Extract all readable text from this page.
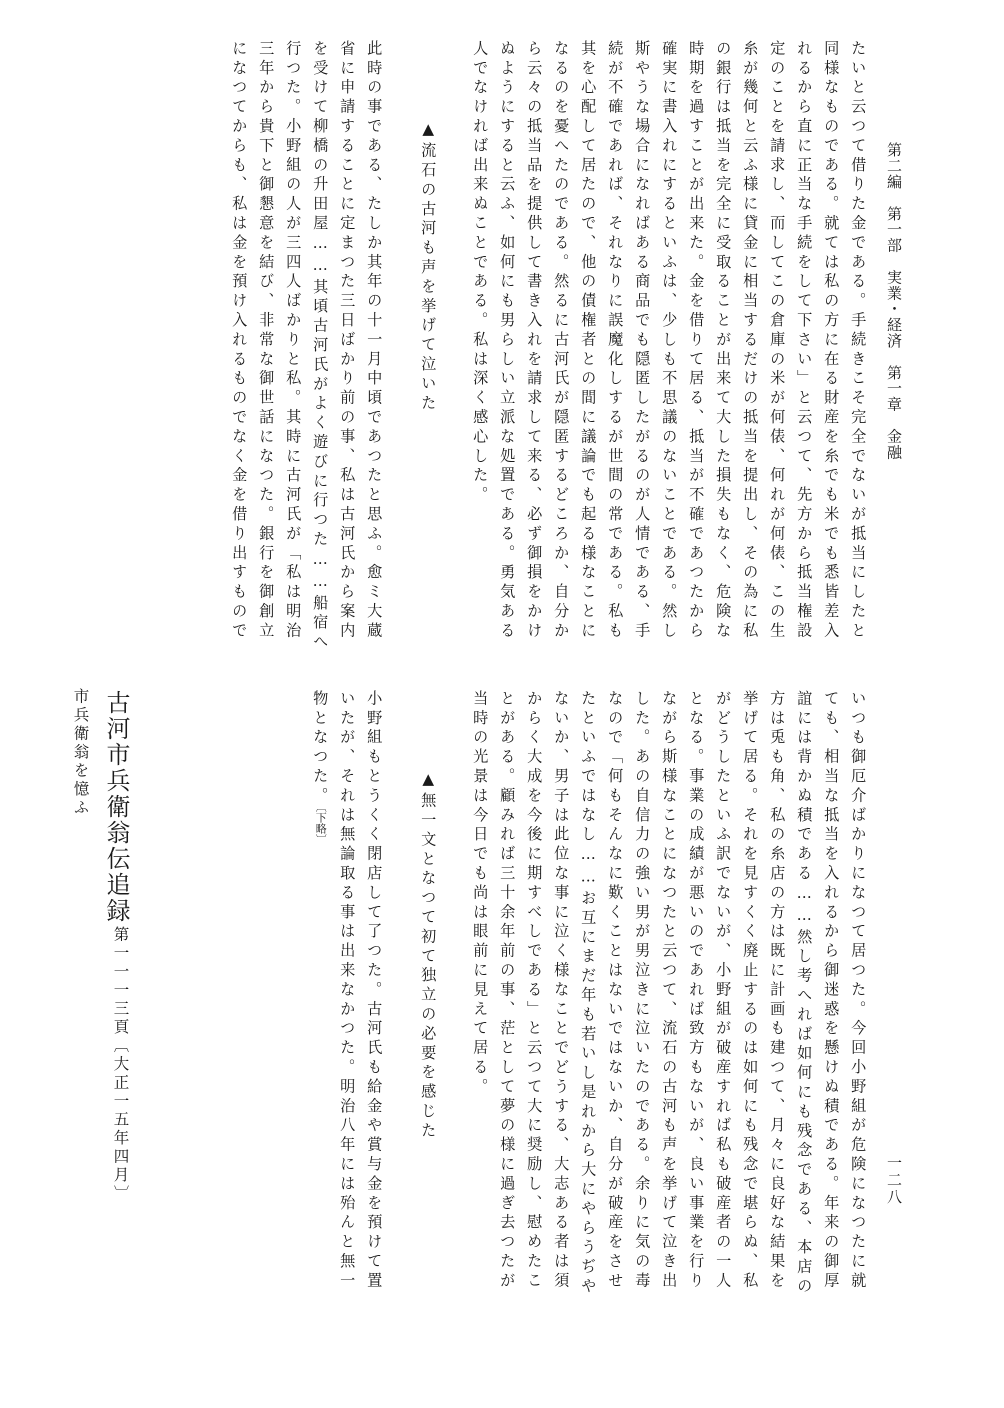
第二編　第一部　実業・経済　第一章　金融

一二八

たいと云つて借りた金である。手続きこそ完全でないが抵当にしたと

同様なものである。就ては私の方に在る財産を糸でも米でも悉皆差入

れるから直に正当な手続をして下さい」と云つて、先方から抵当権設

定のことを請求し、而してこの倉庫の米が何俵、何れが何俵、この生

糸が幾何と云ふ様に貸金に相当するだけの抵当を提出し、その為に私

の銀行は抵当を完全に受取ることが出来て大した損失もなく、危険な

時期を過すことが出来た。金を借りて居る、抵当が不確であつたから

確実に書入れにするといふは、少しも不思議のないことである。然し

斯やうな場合になればある商品でも隠匿したがるのが人情である、手

続が不確であれば、それなりに誤魔化しするが世間の常である。私も

其を心配して居たので、他の債権者との間に議論でも起る様なことに

なるのを憂へたのである。然るに古河氏が隠匿するどころか、自分か

ら云々の抵当品を提供して書き入れを請求して来る、必ず御損をかけ

ぬようにすると云ふ、如何にも男らしい立派な処置である。勇気ある

人でなければ出来ぬことである。私は深く感心した。

▲流石の古河も声を挙げて泣いた

此時の事である、たしか其年の十一月中頃であつたと思ふ。愈ミ大蔵

省に申請することに定まつた三日ばかり前の事、私は古河氏から案内

を受けて柳橋の升田屋……其頃古河氏がよく遊びに行つた……船宿へ

行つた。小野組の人が三四人ばかりと私。其時に古河氏が「私は明治

三年から貴下と御懇意を結び、非常な御世話になつた。銀行を御創立

になつてからも、私は金を預け入れるものでなく金を借り出すもので

いつも御厄介ばかりになつて居つた。今回小野組が危険になつたに就

ても、相当な抵当を入れるから御迷惑を懸けぬ積である。年来の御厚

誼には背かぬ積である……然し考へれば如何にも残念である、本店の

方は兎も角、私の糸店の方は既に計画も建つて、月々に良好な結果を

挙げて居る。それを見すくく廃止するのは如何にも残念で堪らぬ、私

がどうしたといふ訳でないが、小野組が破産すれば私も破産者の一人

となる。事業の成績が悪いのであれば致方もないが、良い事業を行り

ながら斯様なことになつたと云つて、流石の古河も声を挙げて泣き出

した。あの自信力の強い男が男泣きに泣いたのである。余りに気の毒

なので「何もそんなに歎くことはないではないか、自分が破産をさせ

たといふではなし……お互にまだ年も若いし是れから大にやらうぢや

ないか、男子は此位な事に泣く様なことでどうする、大志ある者は須

からく大成を今後に期すべしである」と云つて大に奨励し、慰めたこ

とがある。顧みれば三十余年前の事、茫として夢の様に過ぎ去つたが

当時の光景は今日でも尚は眼前に見えて居る。

▲無一文となつて初て独立の必要を感じた

小野組もとうくく閉店して了つた。古河氏も給金や賞与金を預けて置

いたが、それは無論取る事は出来なかつた。明治八年には殆んと無一

物となつた。〔下略〕

古河市兵衛翁伝追録

第一一一三頁〔大正一五年四月〕

市兵衛翁を憶ふ
